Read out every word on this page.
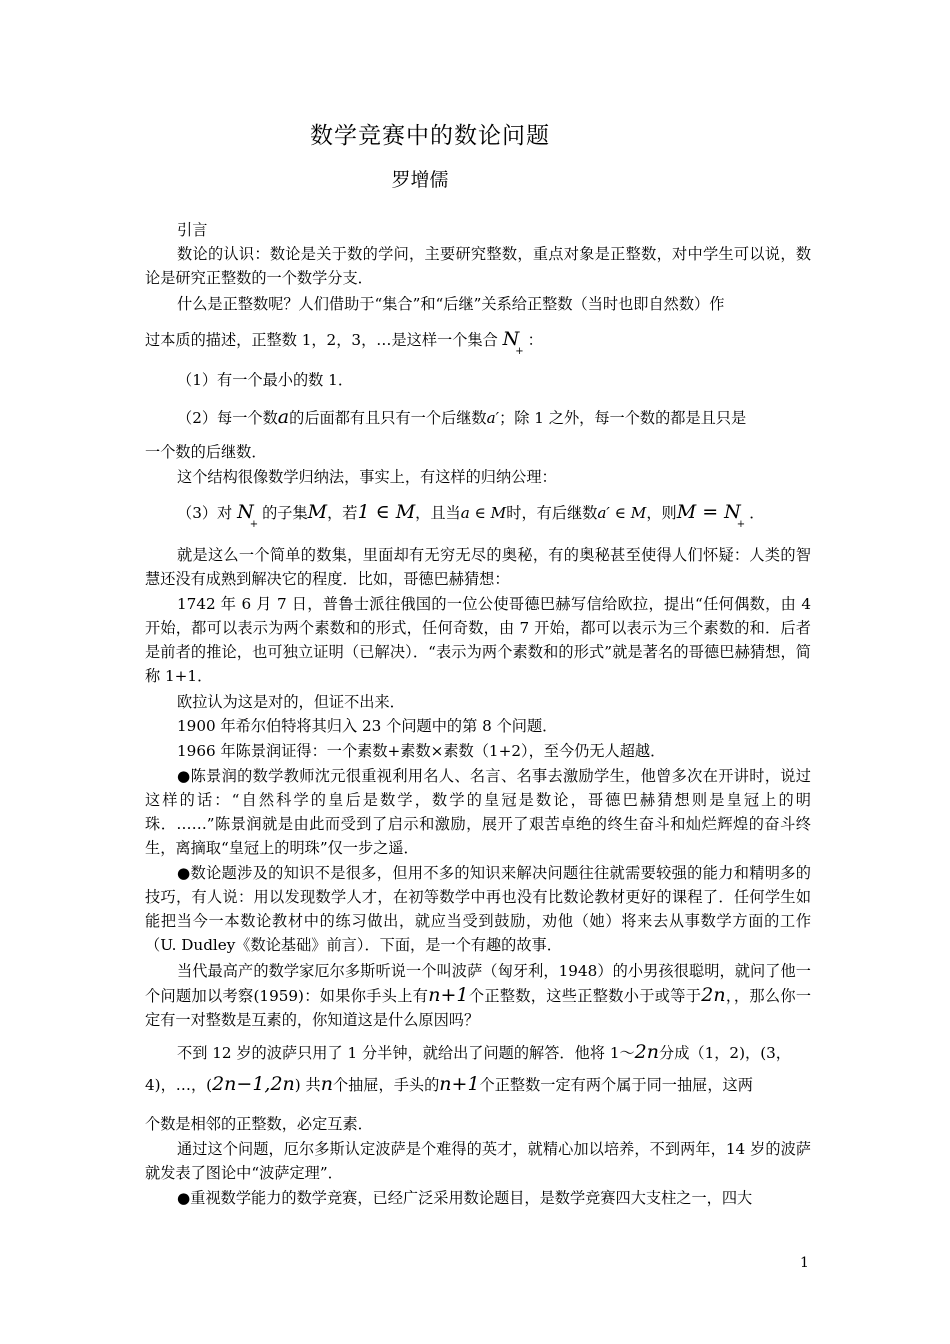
数学竞赛中的数论问题
罗增儒

引言

数论的认识：数论是关于数的学问，主要研究整数，重点对象是正整数，对中学生可以说，数论是研究正整数的一个数学分支．

什么是正整数呢？人们借助于“集合”和“后继”关系给正整数（当时也即自然数）作

过本质的描述，正整数 1，2，3，…是这样一个集合 $N_+$：

（1）有一个最小的数 1．

（2）每一个数a的后面都有且只有一个后继数a′；除 1 之外，每一个数的都是且只是

一个数的后继数．

这个结构很像数学归纳法，事实上，有这样的归纳公理：

（3）对 $N_+$的子集M，若1 ∈ M，且当a ∈ M时，有后继数a′ ∈ M，则$M = N_+$．

就是这么一个简单的数集，里面却有无穷无尽的奥秘，有的奥秘甚至使得人们怀疑：人类的智慧还没有成熟到解决它的程度．比如，哥德巴赫猜想：

1742 年 6 月 7 日，普鲁士派往俄国的一位公使哥德巴赫写信给欧拉，提出“任何偶数，由 4 开始，都可以表示为两个素数和的形式，任何奇数，由 7 开始，都可以表示为三个素数的和．后者是前者的推论，也可独立证明（已解决）．“表示为两个素数和的形式”就是著名的哥德巴赫猜想，简称 1+1．

欧拉认为这是对的，但证不出来．

1900 年希尔伯特将其归入 23 个问题中的第 8 个问题．

1966 年陈景润证得：一个素数+素数×素数（1+2），至今仍无人超越．

●陈景润的数学教师沈元很重视利用名人、名言、名事去激励学生，他曾多次在开讲时，说过这样的话：“自然科学的皇后是数学，数学的皇冠是数论，哥德巴赫猜想则是皇冠上的明珠．……”陈景润就是由此而受到了启示和激励，展开了艰苦卓绝的终生奋斗和灿烂辉煌的奋斗终生，离摘取“皇冠上的明珠”仅一步之遥．

●数论题涉及的知识不是很多，但用不多的知识来解决问题往往就需要较强的能力和精明多的技巧，有人说：用以发现数学人才，在初等数学中再也没有比数论教材更好的课程了．任何学生如能把当今一本数论教材中的练习做出，就应当受到鼓励，劝他（她）将来去从事数学方面的工作（U. Dudley《数论基础》前言）．下面，是一个有趣的故事．

当代最高产的数学家厄尔多斯听说一个叫波萨（匈牙利，1948）的小男孩很聪明，就问了他一个问题加以考察(1959)：如果你手头上有n+1个正整数，这些正整数小于或等于2n，，那么你一定有一对整数是互素的，你知道这是什么原因吗？

不到 12 岁的波萨只用了 1 分半钟，就给出了问题的解答．他将 1～2n分成（1，2)，(3，

4)，…，(2n−1,2n) 共n个抽屉，手头的n+1个正整数一定有两个属于同一抽屉，这两

个数是相邻的正整数，必定互素．

通过这个问题，厄尔多斯认定波萨是个难得的英才，就精心加以培养，不到两年，14 岁的波萨就发表了图论中“波萨定理”．

●重视数学能力的数学竞赛，已经广泛采用数论题目，是数学竞赛四大支柱之一，四大

1
